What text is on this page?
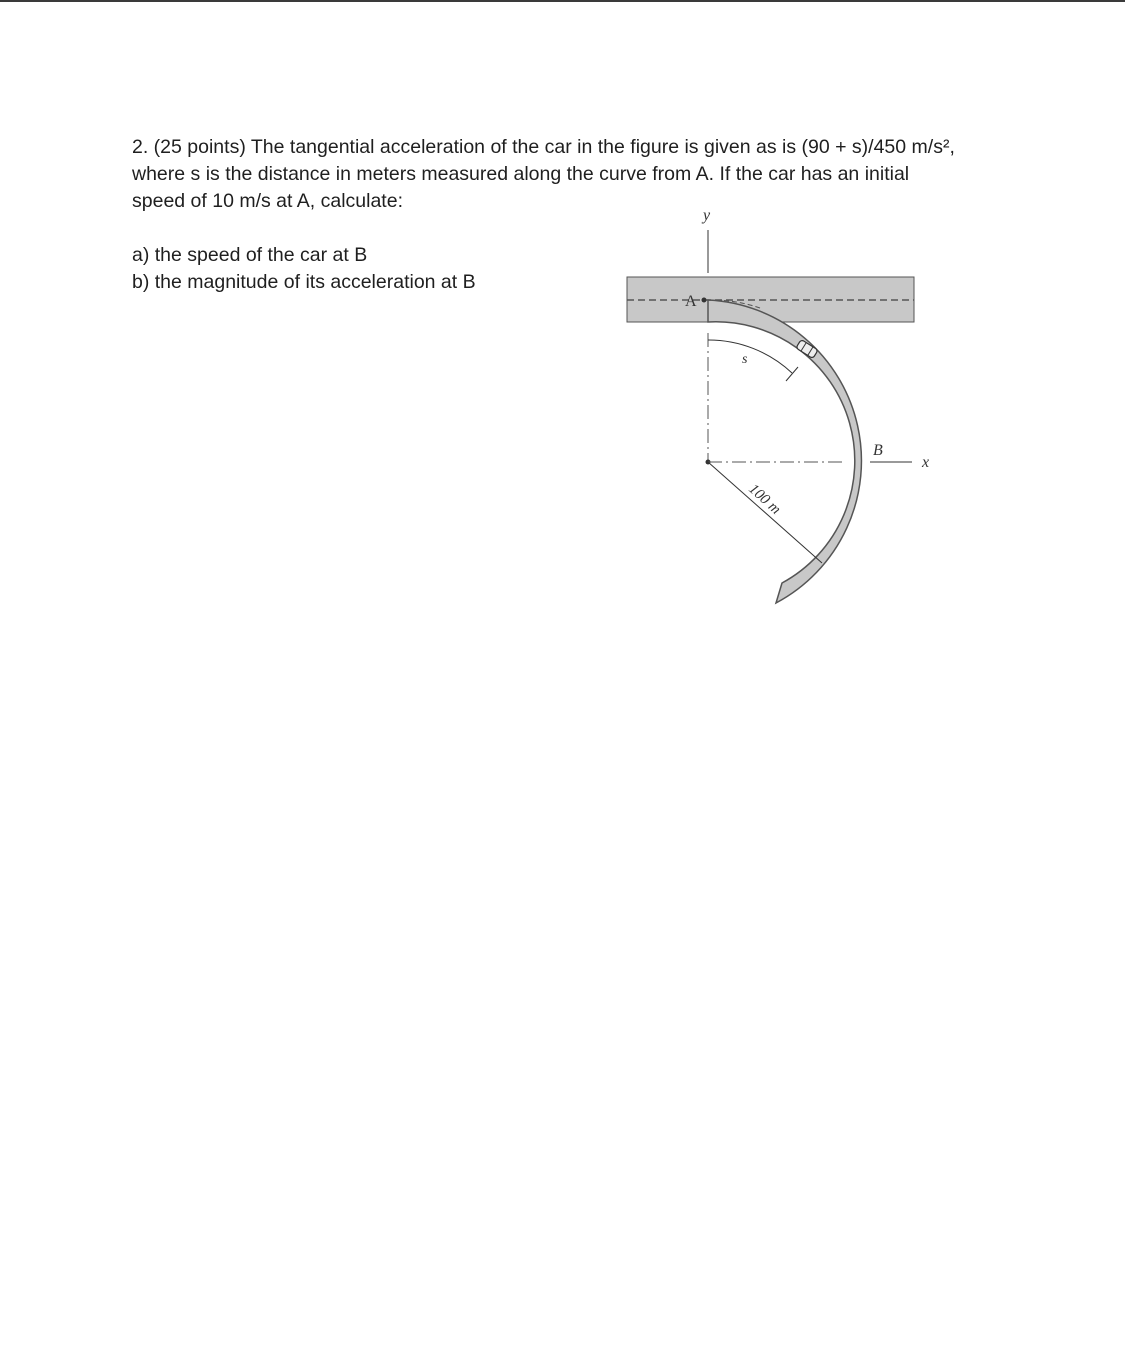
2. (25 points) The tangential acceleration of the car in the figure is given as is (90 + s)/450 m/s²,
where s is the distance in meters measured along the curve from A. If the car has an initial
speed of 10 m/s at A, calculate:
a) the speed of the car at B
b) the magnitude of its acceleration at B
y
x
A
B
s
100 m
